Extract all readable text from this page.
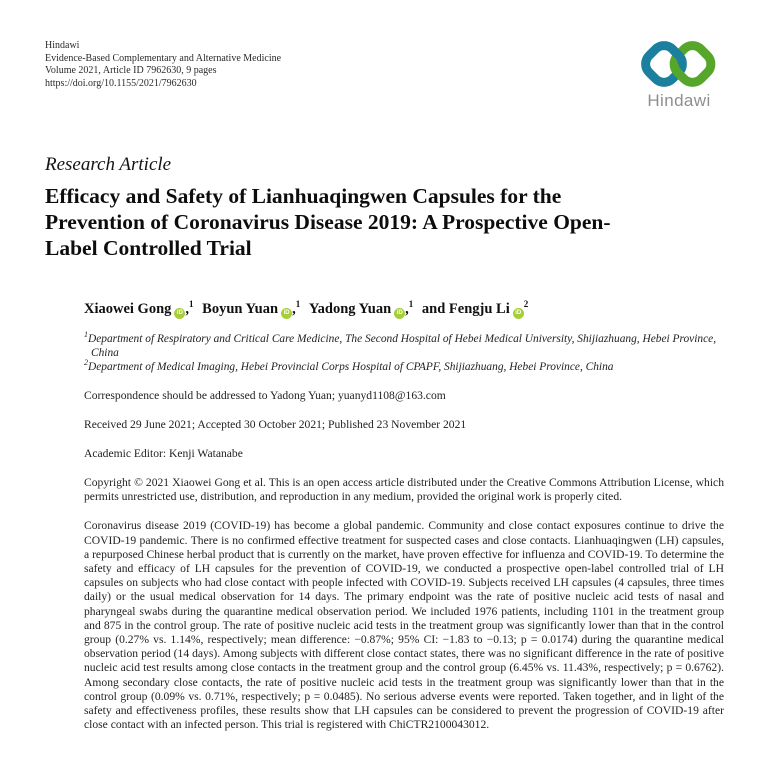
Hindawi
Evidence-Based Complementary and Alternative Medicine
Volume 2021, Article ID 7962630, 9 pages
https://doi.org/10.1155/2021/7962630
Hindawi
Research Article
Efficacy and Safety of Lianhuaqingwen Capsules for the Prevention of Coronavirus Disease 2019: A Prospective Open-Label Controlled Trial
Xiaowei Gong iD ,$^1$ Boyun Yuan iD ,$^1$ Yadong Yuan iD ,$^1$ and Fengju Li $iD^2$
$^1$Department of Respiratory and Critical Care Medicine, The Second Hospital of Hebei Medical University, Shijiazhuang, Hebei Province, China
$^2$Department of Medical Imaging, Hebei Provincial Corps Hospital of CPAPF, Shijiazhuang, Hebei Province, China

Correspondence should be addressed to Yadong Yuan; yuanyd1108@163.com

Received 29 June 2021; Accepted 30 October 2021; Published 23 November 2021

Academic Editor: Kenji Watanabe

Copyright © 2021 Xiaowei Gong et al. This is an open access article distributed under the Creative Commons Attribution License, which permits unrestricted use, distribution, and reproduction in any medium, provided the original work is properly cited.

Coronavirus disease 2019 (COVID-19) has become a global pandemic. Community and close contact exposures continue to drive the COVID-19 pandemic. There is no confirmed effective treatment for suspected cases and close contacts. Lianhuaqingwen (LH) capsules, a repurposed Chinese herbal product that is currently on the market, have proven effective for influenza and COVID-19. To determine the safety and efficacy of LH capsules for the prevention of COVID-19, we conducted a prospective open-label controlled trial of LH capsules on subjects who had close contact with people infected with COVID-19. Subjects received LH capsules (4 capsules, three times daily) or the usual medical observation for 14 days. The primary endpoint was the rate of positive nucleic acid tests of nasal and pharyngeal swabs during the quarantine medical observation period. We included 1976 patients, including 1101 in the treatment group and 875 in the control group. The rate of positive nucleic acid tests in the treatment group was significantly lower than that in the control group (0.27% vs. 1.14%, respectively; mean difference: −0.87%; 95% CI: −1.83 to −0.13; p = 0.0174) during the quarantine medical observation period (14 days). Among subjects with different close contact states, there was no significant difference in the rate of positive nucleic acid test results among close contacts in the treatment group and the control group (6.45% vs. 11.43%, respectively; p = 0.6762). Among secondary close contacts, the rate of positive nucleic acid tests in the treatment group was significantly lower than that in the control group (0.09% vs. 0.71%, respectively; p = 0.0485). No serious adverse events were reported. Taken together, and in light of the safety and effectiveness profiles, these results show that LH capsules can be considered to prevent the progression of COVID-19 after close contact with an infected person. This trial is registered with ChiCTR2100043012.
